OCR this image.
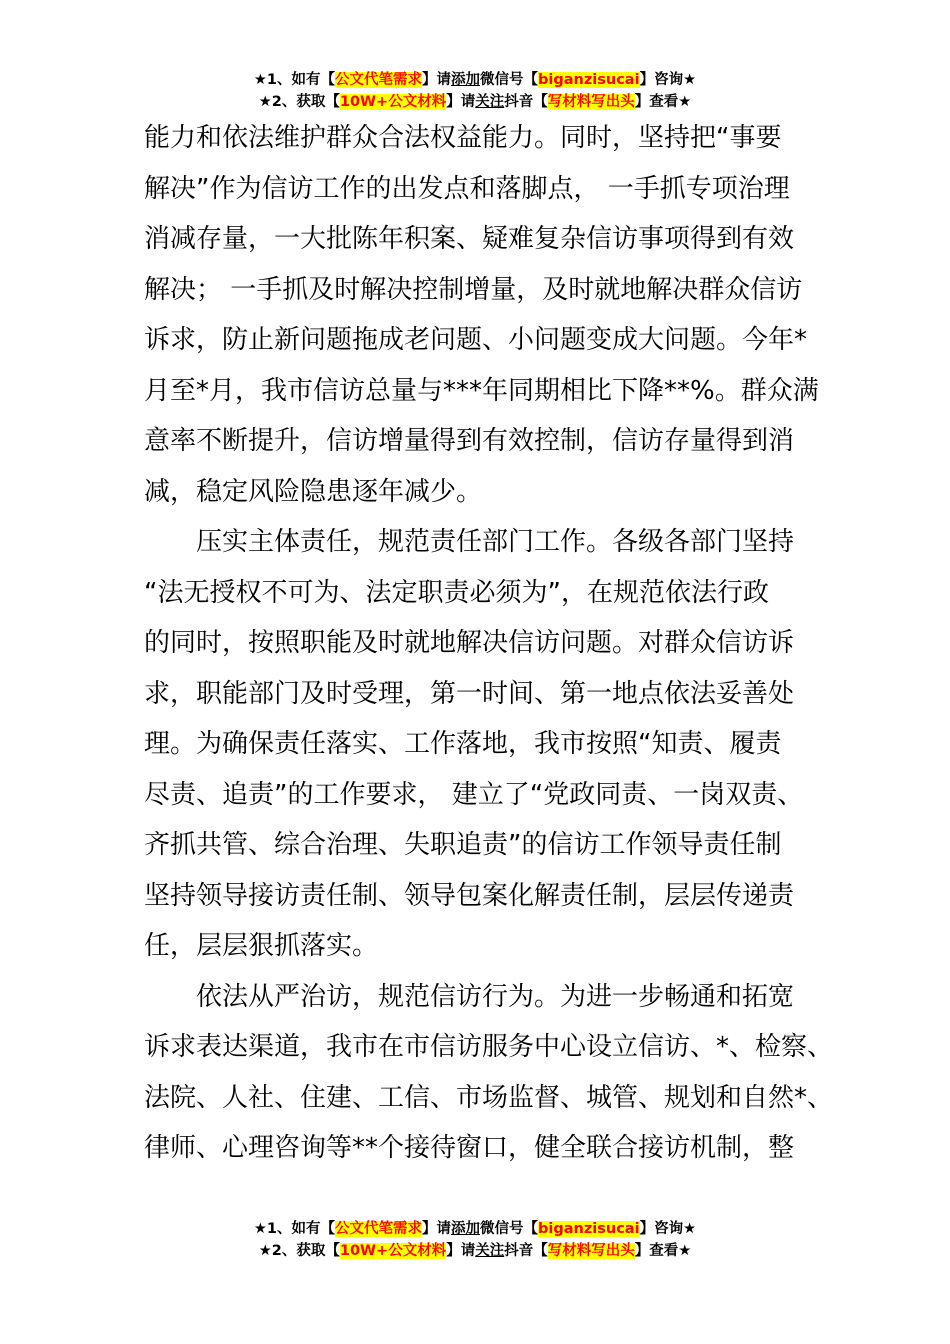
★1、如有【公文代笔需求】请添加微信号【biganzisucai】咨询★
★2、获取【10W+公文材料】请关注抖音【写材料写出头】查看★
能力和依法维护群众合法权益能力。同时，坚持把“事要
解决”作为信访工作的出发点和落脚点， 一手抓专项治理
消减存量，一大批陈年积案、疑难复杂信访事项得到有效
解决； 一手抓及时解决控制增量，及时就地解决群众信访
诉求，防止新问题拖成老问题、小问题变成大问题。今年*
月至*月，我市信访总量与***年同期相比下降**%。群众满
意率不断提升，信访增量得到有效控制，信访存量得到消
减，稳定风险隐患逐年减少。
压实主体责任，规范责任部门工作。各级各部门坚持
“法无授权不可为、法定职责必须为”，在规范依法行政
的同时，按照职能及时就地解决信访问题。对群众信访诉
求，职能部门及时受理，第一时间、第一地点依法妥善处
理。为确保责任落实、工作落地，我市按照“知责、履责
尽责、追责”的工作要求， 建立了“党政同责、一岗双责、
齐抓共管、综合治理、失职追责”的信访工作领导责任制
坚持领导接访责任制、领导包案化解责任制，层层传递责
任，层层狠抓落实。
依法从严治访，规范信访行为。为进一步畅通和拓宽
诉求表达渠道，我市在市信访服务中心设立信访、*、检察、
法院、人社、住建、工信、市场监督、城管、规划和自然*、
律师、心理咨询等**个接待窗口，健全联合接访机制，整
★1、如有【公文代笔需求】请添加微信号【biganzisucai】咨询★
★2、获取【10W+公文材料】请关注抖音【写材料写出头】查看★
